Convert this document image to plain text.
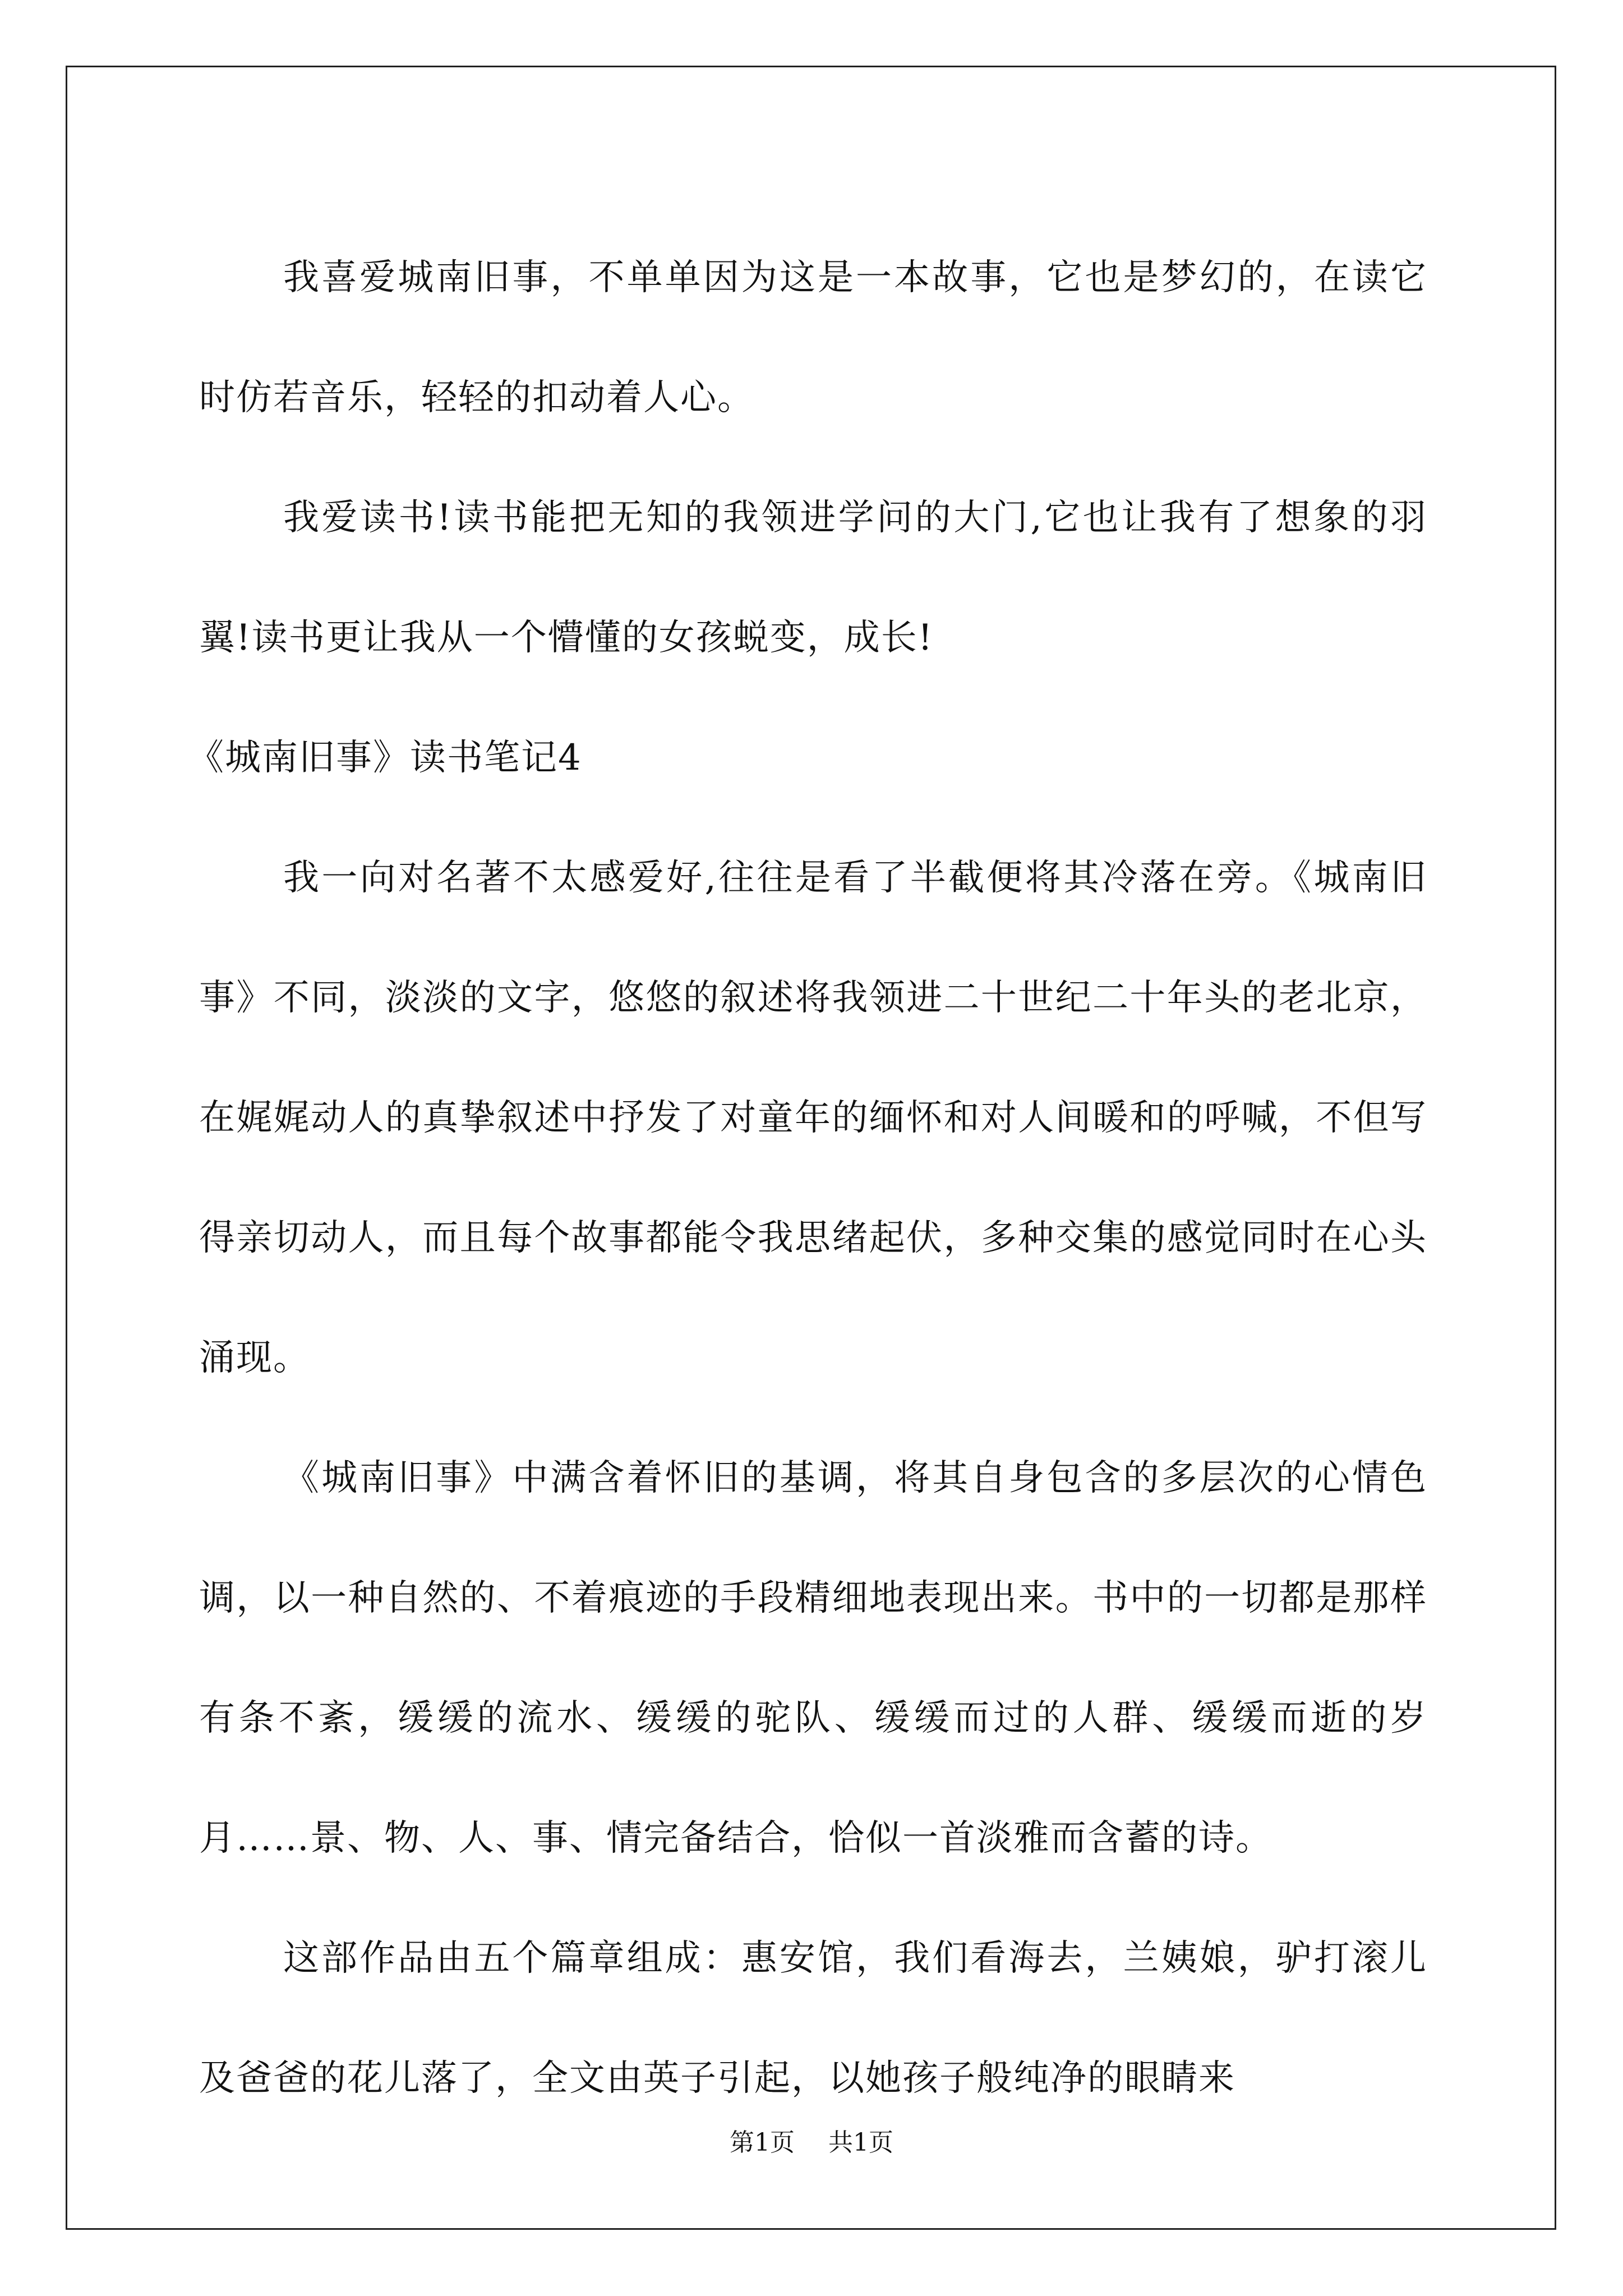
我喜爱城南旧事，不单单因为这是一本故事，它也是梦幻的，在读它时仿若音乐，轻轻的扣动着人心。

我爱读书!读书能把无知的我领进学问的大门,它也让我有了想象的羽翼!读书更让我从一个懵懂的女孩蜕变，成长!

《城南旧事》读书笔记4

我一向对名著不太感爱好,往往是看了半截便将其冷落在旁。《城南旧事》不同，淡淡的文字，悠悠的叙述将我领进二十世纪二十年头的老北京，在娓娓动人的真挚叙述中抒发了对童年的缅怀和对人间暖和的呼喊，不但写得亲切动人，而且每个故事都能令我思绪起伏，多种交集的感觉同时在心头涌现。

《城南旧事》中满含着怀旧的基调，将其自身包含的多层次的心情色调，以一种自然的、不着痕迹的手段精细地表现出来。书中的一切都是那样有条不紊，缓缓的流水、缓缓的驼队、缓缓而过的人群、缓缓而逝的岁月……景、物、人、事、情完备结合，恰似一首淡雅而含蓄的诗。

这部作品由五个篇章组成：惠安馆，我们看海去，兰姨娘，驴打滚儿及爸爸的花儿落了，全文由英子引起，以她孩子般纯净的眼睛来

第1页 共1页
